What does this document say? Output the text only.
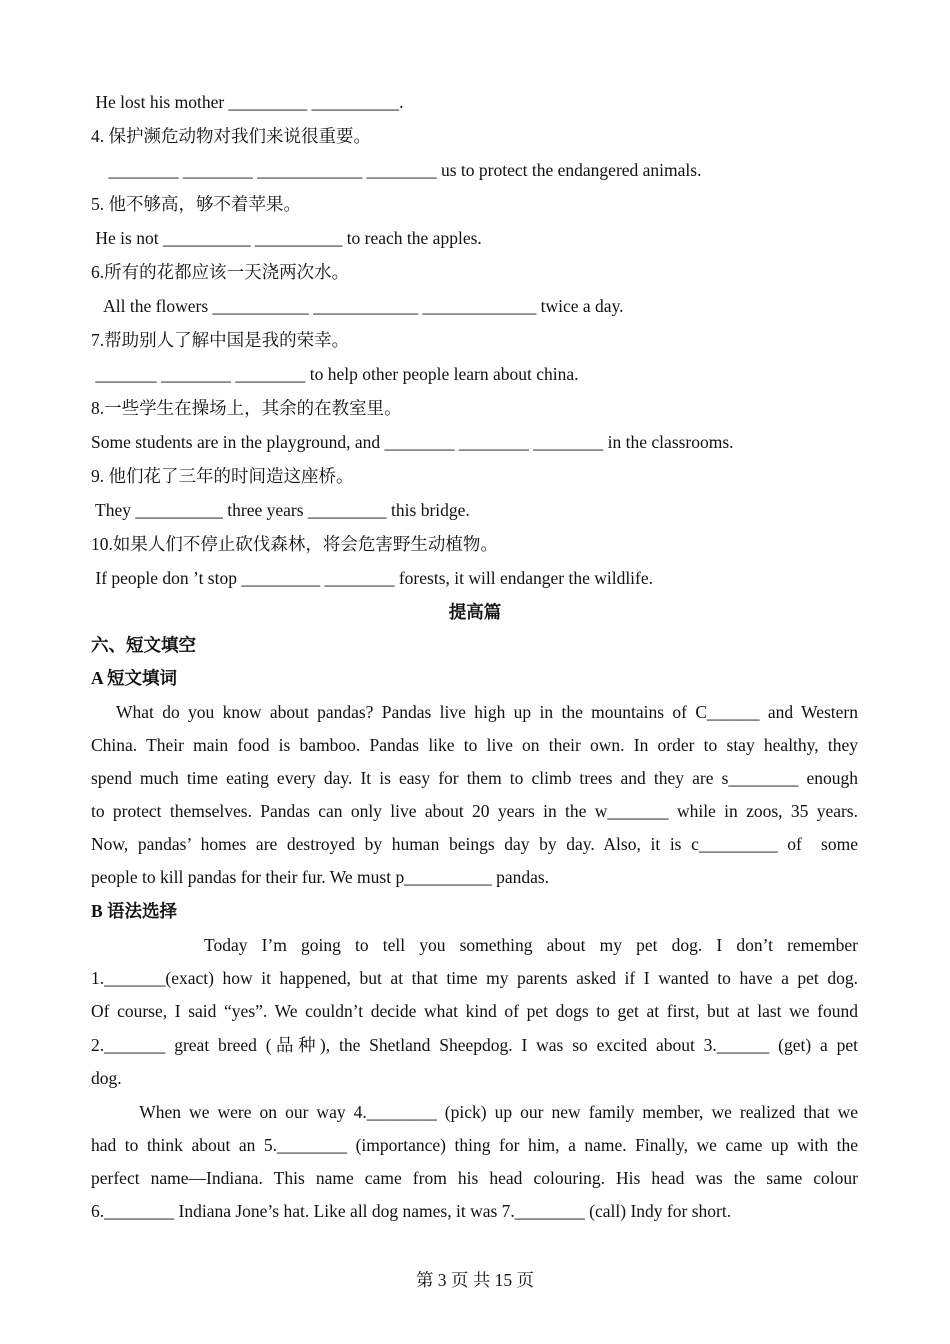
He lost his mother _________ __________.
4. 保护濒危动物对我们来说很重要。
________ ________ ____________ ________ us to protect the endangered animals.
5. 他不够高，够不着苹果。
He is not __________ __________ to reach the apples.
6.所有的花都应该一天浇两次水。
All the flowers ___________ ____________ _____________ twice a day.
7.帮助别人了解中国是我的荣幸。
_______ ________ ________ to help other people learn about china.
8.一些学生在操场上，其余的在教室里。
Some students are in the playground, and ________ ________ ________ in the classrooms.
9. 他们花了三年的时间造这座桥。
They __________ three years _________ this bridge.
10.如果人们不停止砍伐森林，将会危害野生动植物。
If people don ’t stop _________ ________ forests, it will endanger the wildlife.
提高篇
六、短文填空
A 短文填词
What do you know about pandas? Pandas live high up in the mountains of C______ and Western
China. Their main food is bamboo. Pandas like to live on their own. In order to stay healthy, they
spend much time eating every day. It is easy for them to climb trees and they are s________ enough
to protect themselves. Pandas can only live about 20 years in the w_______ while in zoos, 35 years.
Now, pandas’ homes are destroyed by human beings day by day. Also, it is c_________ of  some
people to kill pandas for their fur. We must p__________ pandas.
B 语法选择
Today I’m going to tell you something about my pet dog. I don’t remember
1._______(exact) how it happened, but at that time my parents asked if I wanted to have a pet dog.
Of course, I said “yes”. We couldn’t decide what kind of pet dogs to get at first, but at last we found
2._______ great breed (品种), the Shetland Sheepdog. I was so excited about 3.______ (get) a pet
dog.
When we were on our way 4.________ (pick) up our new family member, we realized that we
had to think about an 5.________ (importance) thing for him, a name. Finally, we came up with the
perfect name—Indiana. This name came from his head colouring. His head was the same colour
6.________ Indiana Jone’s hat. Like all dog names, it was 7.________ (call) Indy for short.
第 3 页 共 15 页
